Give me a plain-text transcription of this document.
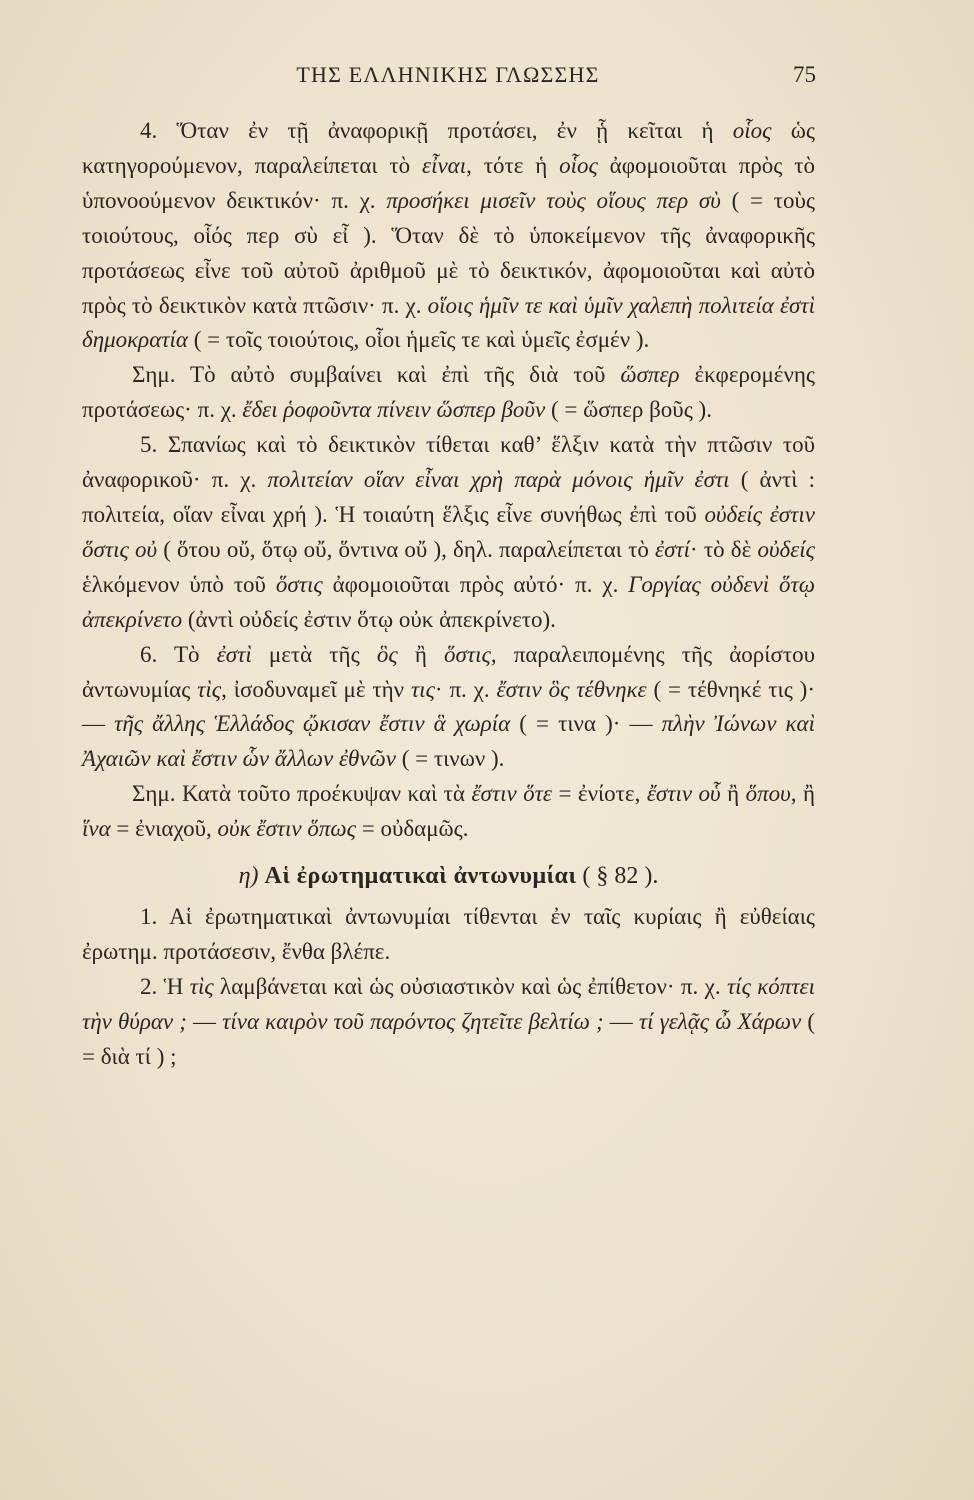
ΤΗΣ ΕΛΛΗΝΙΚΗΣ ΓΛΩΣΣΗΣ	75

4. Ὅταν ἐν τῇ ἀναφορικῇ προτάσει, ἐν ᾗ κεῖται ἡ οἷος ὡς κατηγορούμενον, παραλείπεται τὸ εἶναι, τότε ἡ οἷος ἀφομοιοῦται πρὸς τὸ ὑπονοούμενον δεικτικόν· π. χ. προσήκει μισεῖν τοὺς οἵους περ σὺ ( = τοὺς τοιούτους, οἷός περ σὺ εἶ ). Ὅταν δὲ τὸ ὑποκείμενον τῆς ἀναφορικῆς προτάσεως εἶνε τοῦ αὐτοῦ ἀριθμοῦ μὲ τὸ δεικτικόν, ἀφομοιοῦται καὶ αὐτὸ πρὸς τὸ δεικτικὸν κατὰ πτῶσιν· π. χ. οἵοις ἡμῖν τε καὶ ὑμῖν χαλεπὴ πολιτεία ἐστὶ δημοκρατία ( = τοῖς τοιούτοις, οἷοι ἡμεῖς τε καὶ ὑμεῖς ἐσμέν ).

Σημ. Τὸ αὐτὸ συμβαίνει καὶ ἐπὶ τῆς διὰ τοῦ ὥσπερ ἐκφερομένης προτάσεως· π. χ. ἔδει ῥοφοῦντα πίνειν ὥσπερ βοῦν ( = ὥσπερ βοῦς ).

5. Σπανίως καὶ τὸ δεικτικὸν τίθεται καθ’ ἕλξιν κατὰ τὴν πτῶσιν τοῦ ἀναφορικοῦ· π. χ. πολιτείαν οἵαν εἶναι χρὴ παρὰ μόνοις ἡμῖν ἐστι ( ἀντὶ : πολιτεία, οἵαν εἶναι χρή ). Ἡ τοιαύτη ἕλξις εἶνε συνήθως ἐπὶ τοῦ οὐδείς ἐστιν ὅστις οὐ ( ὅτου οὔ, ὅτῳ οὔ, ὅντινα οὔ ), δηλ. παραλείπεται τὸ ἐστί· τὸ δὲ οὐδείς ἑλκόμενον ὑπὸ τοῦ ὅστις ἀφομοιοῦται πρὸς αὐτό· π. χ. Γοργίας οὐδενὶ ὅτῳ ἀπεκρίνετο (ἀντὶ οὐδείς ἐστιν ὅτῳ οὐκ ἀπεκρίνετο).

6. Τὸ ἐστὶ μετὰ τῆς ὃς ἢ ὅστις, παραλειπομένης τῆς ἀορίστου ἀντωνυμίας τὶς, ἰσοδυναμεῖ μὲ τὴν τις· π. χ. ἔστιν ὃς τέθνηκε ( = τέθνηκέ τις )· — τῆς ἄλλης Ἑλλάδος ᾤκισαν ἔστιν ἃ χωρία ( = τινα )· — πλὴν Ἰώνων καὶ Ἀχαιῶν καὶ ἔστιν ὧν ἄλλων ἐθνῶν ( = τινων ).

Σημ. Κατὰ τοῦτο προέκυψαν καὶ τὰ ἔστιν ὅτε = ἐνίοτε, ἔστιν οὗ ἢ ὅπου, ἢ ἵνα = ἐνιαχοῦ, οὐκ ἔστιν ὅπως = οὐδαμῶς.

η) Αἱ ἐρωτηματικαὶ ἀντωνυμίαι ( § 82 ).

1. Αἱ ἐρωτηματικαὶ ἀντωνυμίαι τίθενται ἐν ταῖς κυρίαις ἢ εὐθείαις ἐρωτημ. προτάσεσιν, ἔνθα βλέπε.

2. Ἡ τὶς λαμβάνεται καὶ ὡς οὐσιαστικὸν καὶ ὡς ἐπίθετον· π. χ. τίς κόπτει τὴν θύραν ; — τίνα καιρὸν τοῦ παρόντος ζητεῖτε βελτίω ; — τί γελᾷς ὦ Χάρων ( = διὰ τί ) ;
